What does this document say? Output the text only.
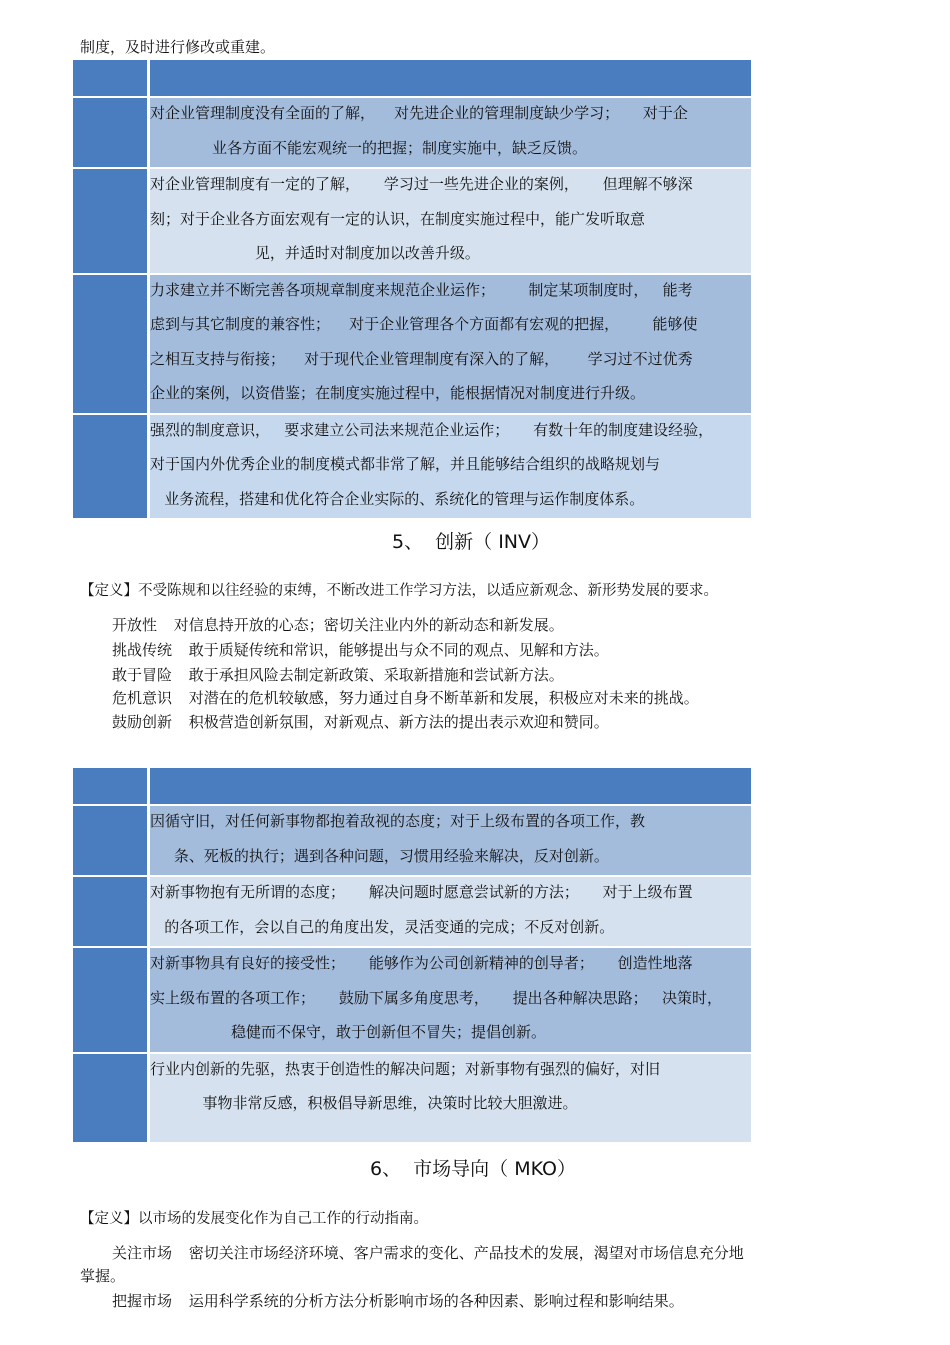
制度，及时进行修改或重建。

	对企业管理制度没有全面的了解，    对先进企业的管理制度缺少学习；     对于企
业各方面不能宏观统一的把握；制度实施中，缺乏反馈。

	对企业管理制度有一定的了解，     学习过一些先进企业的案例，     但理解不够深
刻；对于企业各方面宏观有一定的认识，在制度实施过程中，能广发听取意
见，并适时对制度加以改善升级。

	力求建立并不断完善各项规章制度来规范企业运作；       制定某项制度时，   能考
虑到与其它制度的兼容性；    对于企业管理各个方面都有宏观的把握，       能够使
之相互支持与衔接；    对于现代企业管理制度有深入的了解，      学习过不过优秀
企业的案例，以资借鉴；在制度实施过程中，能根据情况对制度进行升级。

	强烈的制度意识，   要求建立公司法来规范企业运作；     有数十年的制度建设经验，
对于国内外优秀企业的制度模式都非常了解，并且能够结合组织的战略规划与
业务流程，搭建和优化符合企业实际的、系统化的管理与运作制度体系。
5、  创新（ INV）
【定义】不受陈规和以往经验的束缚，不断改进工作学习方法，以适应新观念、新形势发展的要求。
开放性 对信息持开放的心态；密切关注业内外的新动态和新发展。
挑战传统 敢于质疑传统和常识，能够提出与众不同的观点、见解和方法。
敢于冒险 敢于承担风险去制定新政策、采取新措施和尝试新方法。
危机意识 对潜在的危机较敏感，努力通过自身不断革新和发展，积极应对未来的挑战。
鼓励创新 积极营造创新氛围，对新观点、新方法的提出表示欢迎和赞同。

	因循守旧，对任何新事物都抱着敌视的态度；对于上级布置的各项工作，教
条、死板的执行；遇到各种问题，习惯用经验来解决，反对创新。

	对新事物抱有无所谓的态度；     解决问题时愿意尝试新的方法；     对于上级布置
的各项工作，会以自己的角度出发，灵活变通的完成；不反对创新。

	对新事物具有良好的接受性；     能够作为公司创新精神的创导者；     创造性地落
实上级布置的各项工作；     鼓励下属多角度思考，     提出各种解决思路；   决策时，
稳健而不保守，敢于创新但不冒失；提倡创新。

	行业内创新的先驱，热衷于创造性的解决问题；对新事物有强烈的偏好，对旧
事物非常反感，积极倡导新思维，决策时比较大胆激进。
6、  市场导向（ MKO）
【定义】以市场的发展变化作为自己工作的行动指南。
关注市场 密切关注市场经济环境、客户需求的变化、产品技术的发展，渴望对市场信息充分地
掌握。
把握市场 运用科学系统的分析方法分析影响市场的各种因素、影响过程和影响结果。
